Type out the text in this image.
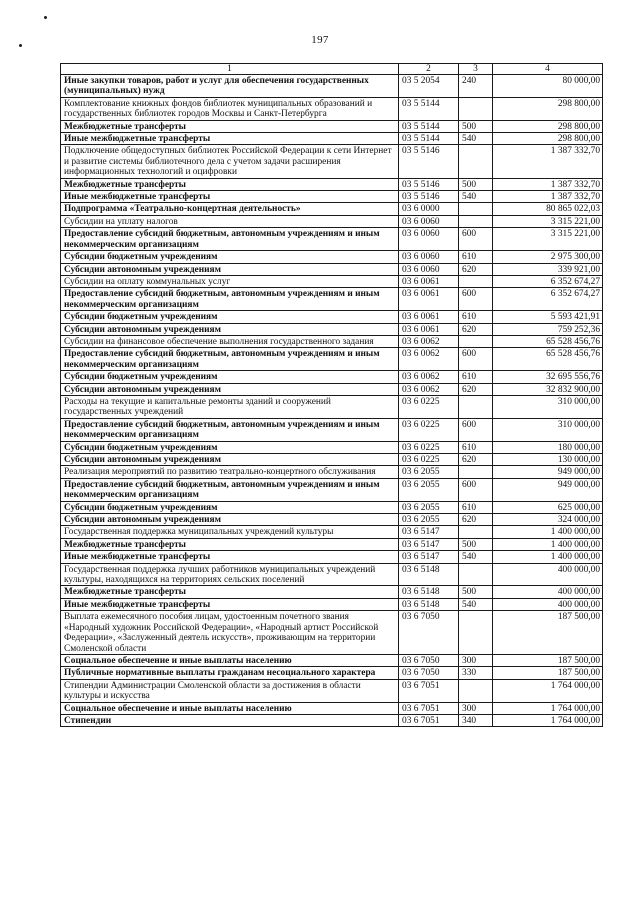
197
1	2	3	4
Иные закупки товаров, работ и услуг для обеспечения государственных (муниципальных) нужд	03 5 2054	240	80 000,00
Комплектование книжных фондов библиотек муниципальных образований и государственных библиотек городов Москвы и Санкт-Петербурга	03 5 5144		298 800,00
Межбюджетные трансферты	03 5 5144	500	298 800,00
Иные межбюджетные трансферты	03 5 5144	540	298 800,00
Подключение общедоступных библиотек Российской Федерации к сети Интернет и развитие системы библиотечного дела с учетом задачи расширения информационных технологий и оцифровки	03 5 5146		1 387 332,70
Межбюджетные трансферты	03 5 5146	500	1 387 332,70
Иные межбюджетные трансферты	03 5 5146	540	1 387 332,70
Подпрограмма «Театрально-концертная деятельность»	03 6 0000		80 865 022,03
Субсидии на уплату налогов	03 6 0060		3 315 221,00
Предоставление субсидий бюджетным, автономным учреждениям и иным некоммерческим организациям	03 6 0060	600	3 315 221,00
Субсидии бюджетным учреждениям	03 6 0060	610	2 975 300,00
Субсидии автономным учреждениям	03 6 0060	620	339 921,00
Субсидии на оплату коммунальных услуг	03 6 0061		6 352 674,27
Предоставление субсидий бюджетным, автономным учреждениям и иным некоммерческим организациям	03 6 0061	600	6 352 674,27
Субсидии бюджетным учреждениям	03 6 0061	610	5 593 421,91
Субсидии автономным учреждениям	03 6 0061	620	759 252,36
Субсидии на финансовое обеспечение выполнения государственного задания	03 6 0062		65 528 456,76
Предоставление субсидий бюджетным, автономным учреждениям и иным некоммерческим организациям	03 6 0062	600	65 528 456,76
Субсидии бюджетным учреждениям	03 6 0062	610	32 695 556,76
Субсидии автономным учреждениям	03 6 0062	620	32 832 900,00
Расходы на текущие и капитальные ремонты зданий и сооружений государственных учреждений	03 6 0225		310 000,00
Предоставление субсидий бюджетным, автономным учреждениям и иным некоммерческим организациям	03 6 0225	600	310 000,00
Субсидии бюджетным учреждениям	03 6 0225	610	180 000,00
Субсидии автономным учреждениям	03 6 0225	620	130 000,00
Реализация мероприятий по развитию театрально-концертного обслуживания	03 6 2055		949 000,00
Предоставление субсидий бюджетным, автономным учреждениям и иным некоммерческим организациям	03 6 2055	600	949 000,00
Субсидии бюджетным учреждениям	03 6 2055	610	625 000,00
Субсидии автономным учреждениям	03 6 2055	620	324 000,00
Государственная поддержка муниципальных учреждений культуры	03 6 5147		1 400 000,00
Межбюджетные трансферты	03 6 5147	500	1 400 000,00
Иные межбюджетные трансферты	03 6 5147	540	1 400 000,00
Государственная поддержка лучших работников муниципальных учреждений культуры, находящихся на территориях сельских поселений	03 6 5148		400 000,00
Межбюджетные трансферты	03 6 5148	500	400 000,00
Иные межбюджетные трансферты	03 6 5148	540	400 000,00
Выплата ежемесячного пособия лицам, удостоенным почетного звания «Народный художник Российской Федерации», «Народный артист Российской Федерации», «Заслуженный деятель искусств», проживающим на территории Смоленской области	03 6 7050		187 500,00
Социальное обеспечение и иные выплаты населению	03 6 7050	300	187 500,00
Публичные нормативные выплаты гражданам несоциального характера	03 6 7050	330	187 500,00
Стипендии Администрации Смоленской области за достижения в области культуры и искусства	03 6 7051		1 764 000,00
Социальное обеспечение и иные выплаты населению	03 6 7051	300	1 764 000,00
Стипендии	03 6 7051	340	1 764 000,00
